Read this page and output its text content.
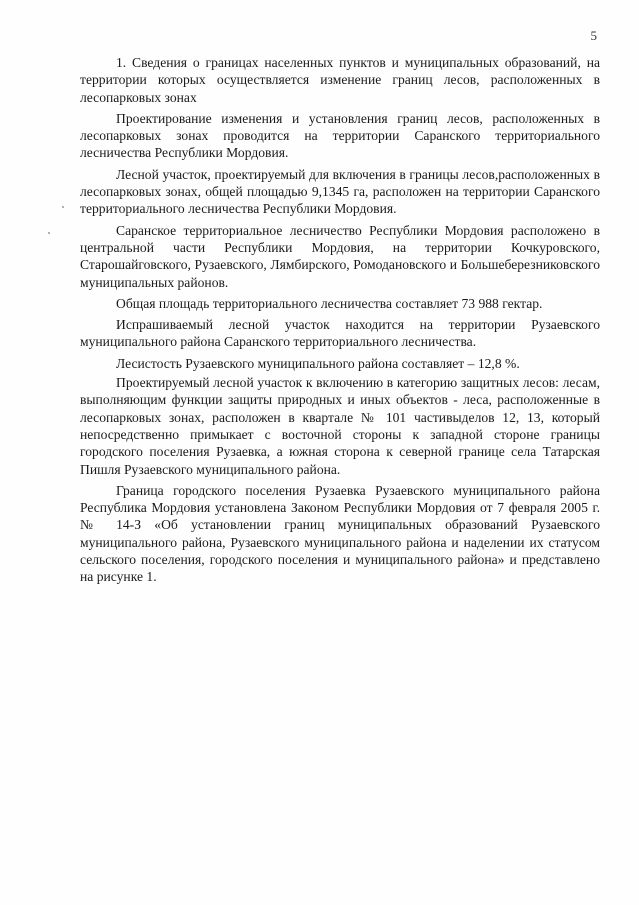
5

1. Сведения о границах населенных пунктов и муниципальных образований, на территории которых осуществляется изменение границ лесов, расположенных в лесопарковых зонах

Проектирование изменения и установления границ лесов, расположенных в лесопарковых зонах проводится на территории Саранского территориального лесничества Республики Мордовия.

Лесной участок, проектируемый для включения в границы лесов,расположенных в лесопарковых зонах, общей площадью 9,1345 га, расположен на территории Саранского территориального лесничества Республики Мордовия.

Саранское территориальное лесничество Республики Мордовия расположено в центральной части Республики Мордовия, на территории Кочкуровского, Старошайговского, Рузаевского, Лямбирского, Ромодановского и Большеберезниковского муниципальных районов.

Общая площадь территориального лесничества составляет 73 988 гектар.

Испрашиваемый лесной участок находится на территории Рузаевского муниципального района Саранского территориального лесничества.

Лесистость Рузаевского муниципального района составляет – 12,8 %.

Проектируемый лесной участок к включению в категорию защитных лесов: лесам, выполняющим функции защиты природных и иных объектов - леса, расположенные в лесопарковых зонах, расположен в квартале № 101 частивыделов 12, 13, который непосредственно примыкает с восточной стороны к западной стороне границы городского поселения Рузаевка, а южная сторона к северной границе села Татарская Пишля Рузаевского муниципального района.

Граница городского поселения Рузаевка Рузаевского муниципального района Республика Мордовия установлена Законом Республики Мордовия от 7 февраля 2005 г. № 14-З «Об установлении границ муниципальных образований Рузаевского муниципального района, Рузаевского муниципального района и наделении их статусом сельского поселения, городского поселения и муниципального района» и представлено на рисунке 1.
